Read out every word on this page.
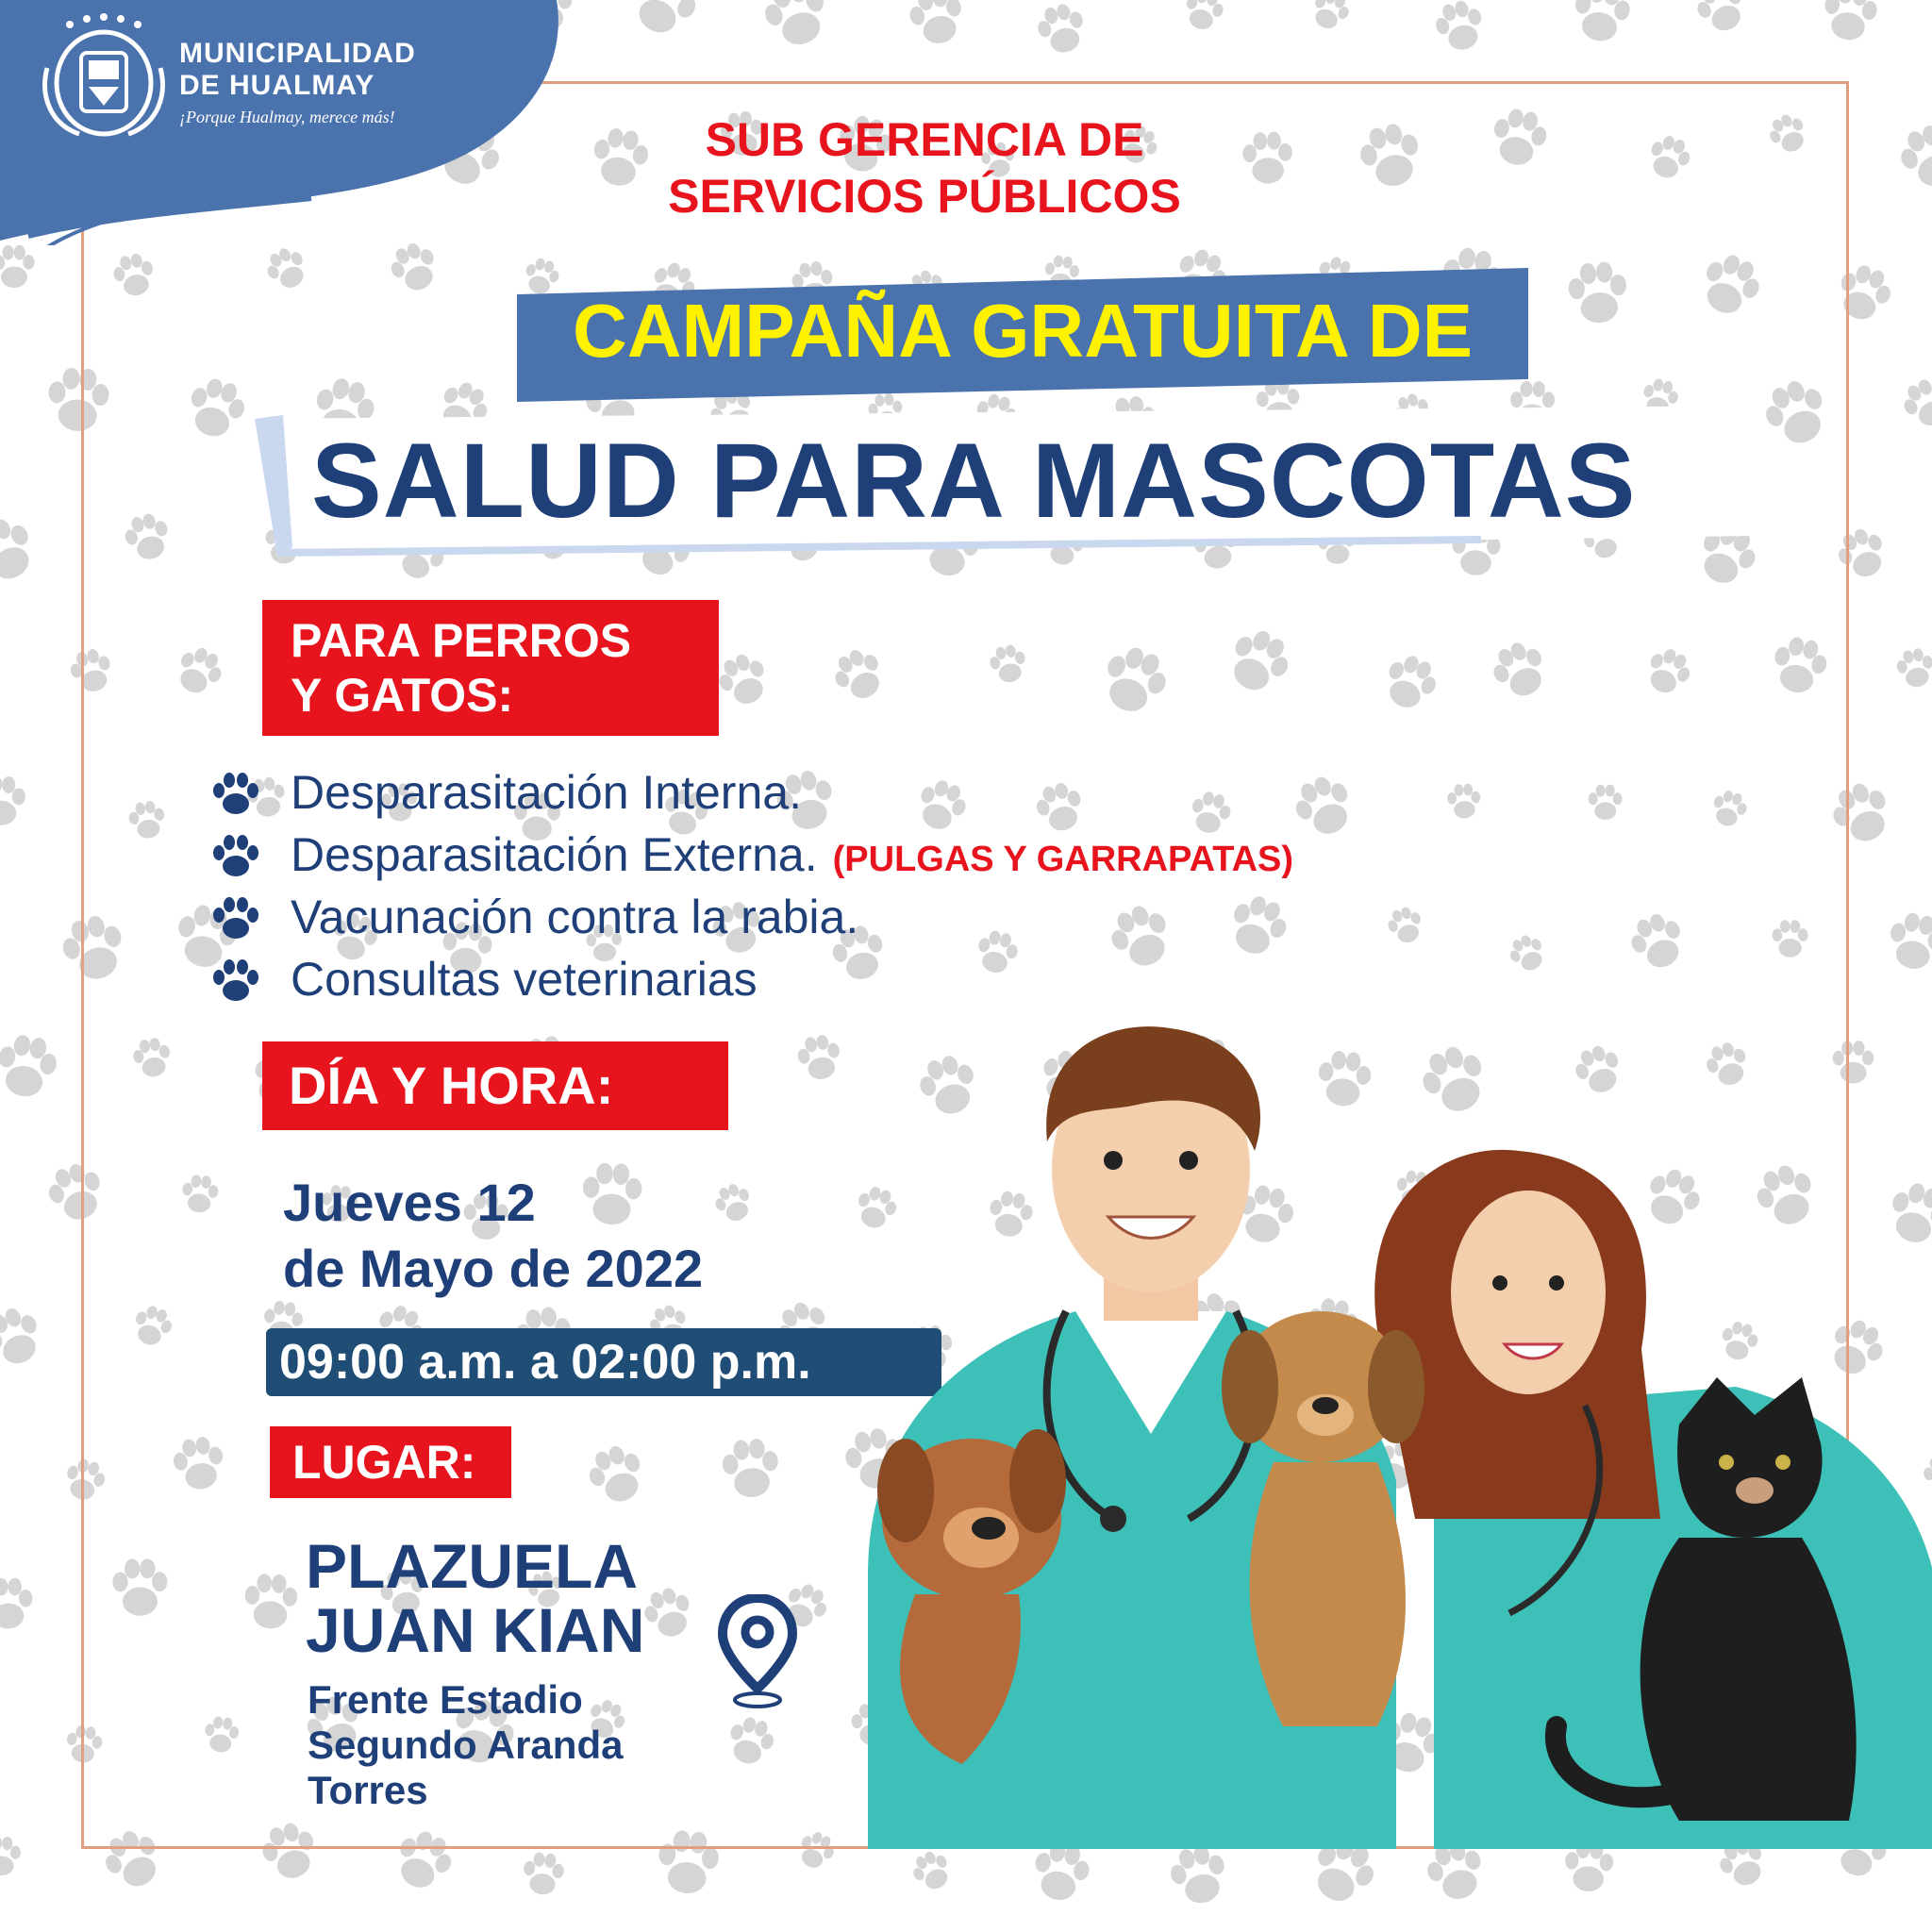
MUNICIPALIDAD
DE HUALMAY
¡Porque Hualmay, merece más!	SUB GERENCIA DE
SERVICIOS PÚBLICOS
CAMPAÑA GRATUITA DE
SALUD PARA MASCOTAS
PARA PERROS
Y GATOS:
Desparasitación Interna.
Desparasitación Externa. (PULGAS Y GARRAPATAS)
Vacunación contra la rabia.
Consultas veterinarias
DÍA Y HORA:
Jueves 12
de Mayo de 2022
09:00 a.m. a 02:00 p.m.
LUGAR:
PLAZUELA
JUAN KIAN
Frente Estadio
Segundo Aranda
Torres
